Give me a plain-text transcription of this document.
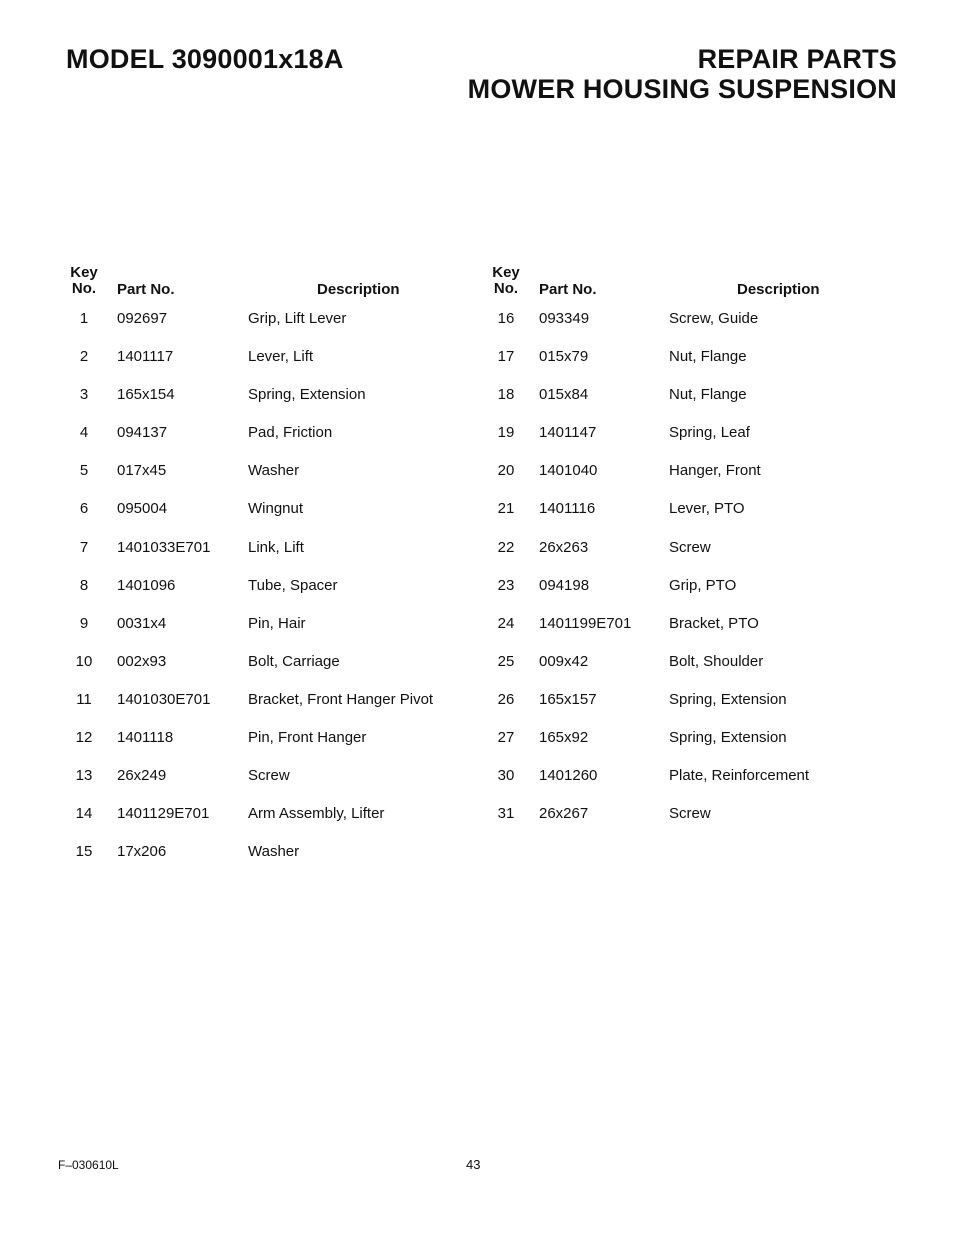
MODEL 3090001x18A	REPAIR PARTS
MOWER HOUSING SUSPENSION
Key
No.	Part No.	Description
1	092697	Grip, Lift Lever
2	1401117	Lever, Lift
3	165x154	Spring, Extension
4	094137	Pad, Friction
5	017x45	Washer
6	095004	Wingnut
7	1401033E701	Link, Lift
8	1401096	Tube, Spacer
9	0031x4	Pin, Hair
10	002x93	Bolt, Carriage
11	1401030E701	Bracket, Front Hanger Pivot
12	1401118	Pin, Front Hanger
13	26x249	Screw
14	1401129E701	Arm Assembly, Lifter
15	17x206	Washer
Key
No.	Part No.	Description
16	093349	Screw, Guide
17	015x79	Nut, Flange
18	015x84	Nut, Flange
19	1401147	Spring, Leaf
20	1401040	Hanger, Front
21	1401116	Lever, PTO
22	26x263	Screw
23	094198	Grip, PTO
24	1401199E701	Bracket, PTO
25	009x42	Bolt, Shoulder
26	165x157	Spring, Extension
27	165x92	Spring, Extension
30	1401260	Plate, Reinforcement
31	26x267	Screw
F–030610L	43
